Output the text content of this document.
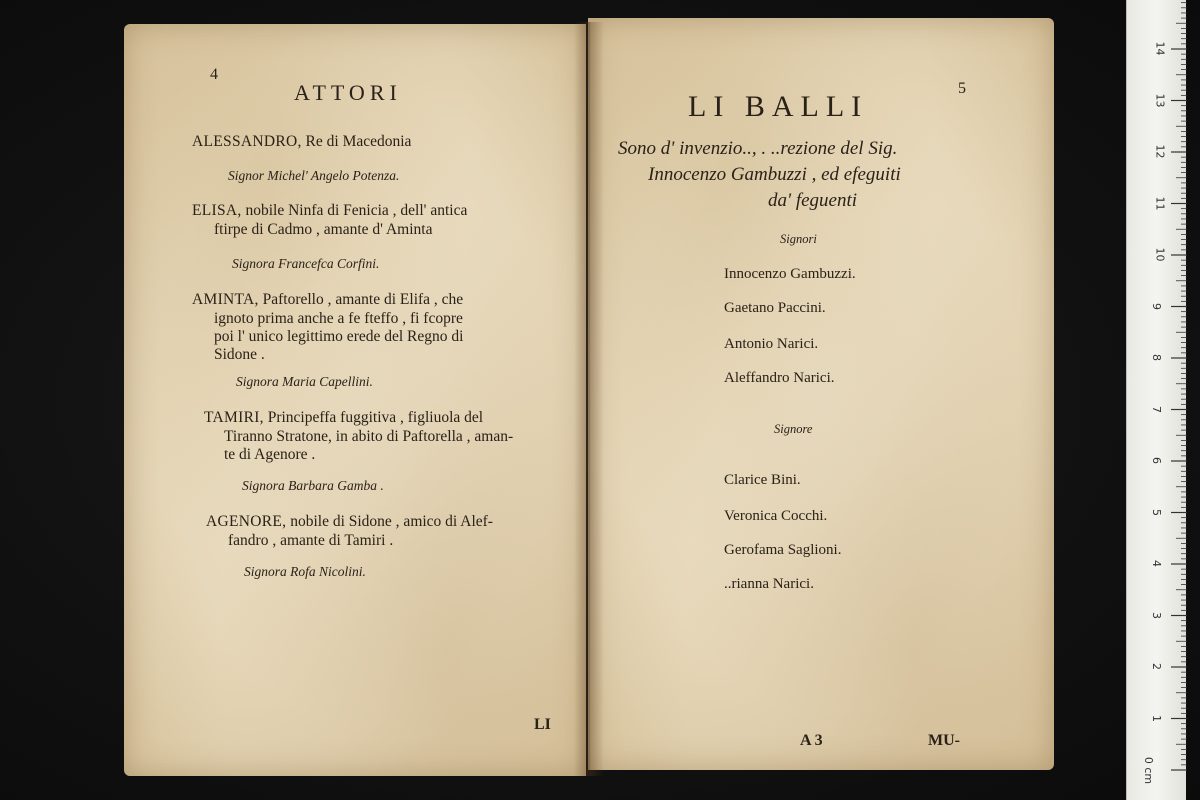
4
ATTORI
ALESSANDRO, Re di Macedonia
Signor Michel' Angelo Potenza.
ELISA, nobile Ninfa di Fenicia , dell' antica
ftirpe di Cadmo , amante d' Aminta
Signora Francefca Corfini.
AMINTA, Paftorello , amante di Elifa , che
ignoto prima anche a fe fteffo , fi fcopre
poi l' unico legittimo erede del Regno di
Sidone .
Signora Maria Capellini.
TAMIRI, Principeffa fuggitiva , figliuola del
Tiranno Stratone, in abito di Paftorella , aman-
te di Agenore .
Signora Barbara Gamba .
AGENORE, nobile di Sidone , amico di Alef-
fandro , amante di Tamiri .
Signora Rofa Nicolini.
LI
LI BALLI
5
Sono d' invenzio.., . ..rezione del Sig.
Innocenzo Gambuzzi , ed efeguiti
da' feguenti
Signori
Innocenzo Gambuzzi.
Gaetano Paccini.
Antonio Narici.
Aleffandro Narici.
Signore
Clarice Bini.
Veronica Cocchi.
Gerofama Saglioni.
..rianna Narici.
A 3	MU-
0 cm
1
2
3
4
5
6
7
8
9
10
11
12
13
14
